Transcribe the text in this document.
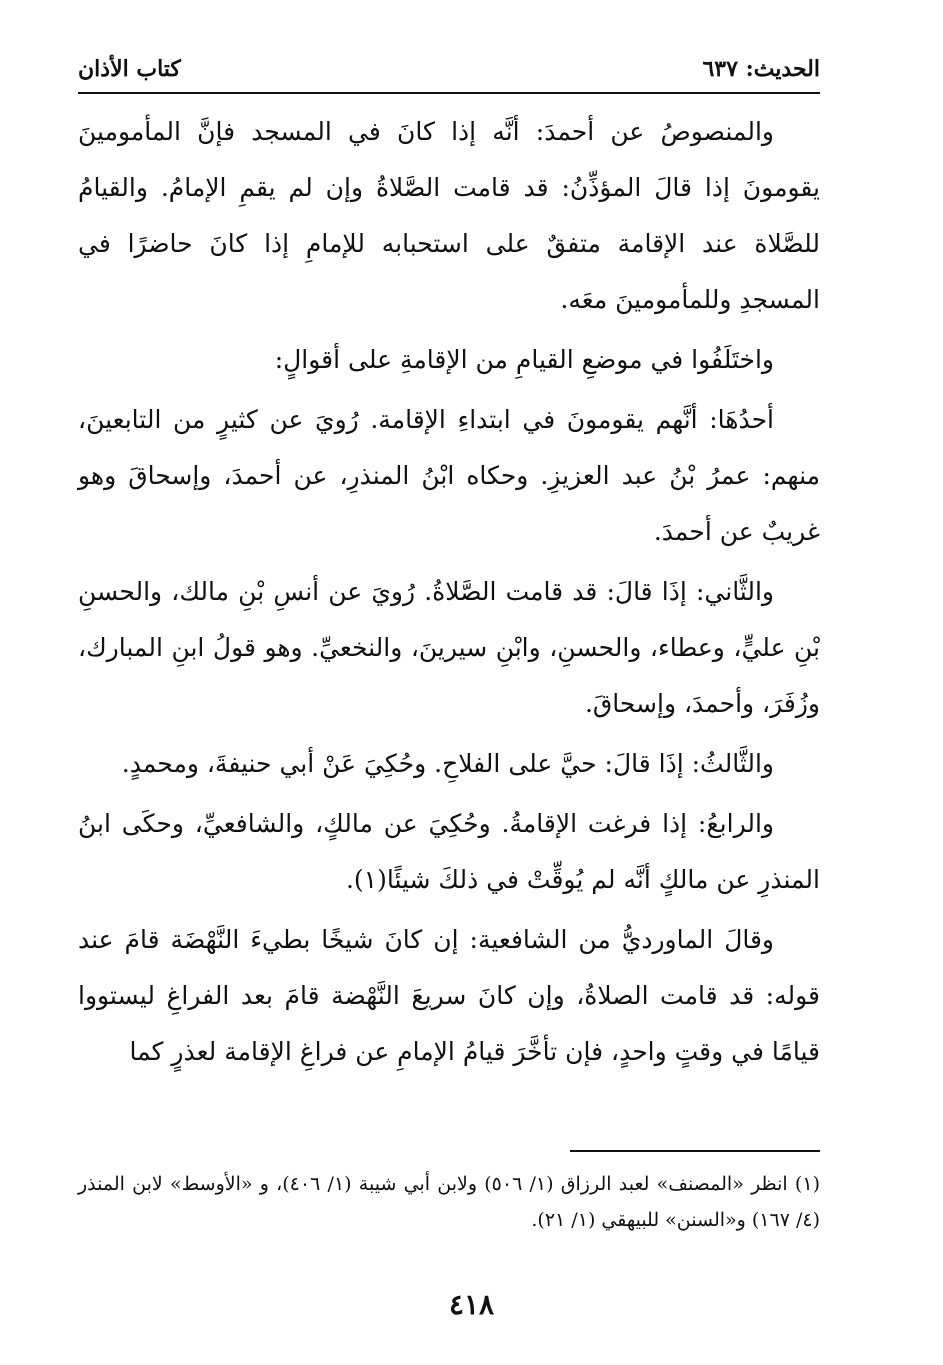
الحديث: ٦٣٧
كتاب الأذان

والمنصوصُ عن أحمدَ: أنَّه إذا كانَ في المسجد فإنَّ المأمومينَ يقومونَ إذا قالَ المؤذِّنُ: قد قامت الصَّلاةُ وإن لم يقمِ الإمامُ. والقيامُ للصَّلاة عند الإقامة متفقٌ على استحبابه للإمامِ إذا كانَ حاضرًا في المسجدِ وللمأمومينَ معَه.

واختَلَفُوا في موضعِ القيامِ من الإقامةِ على أقوالٍ:

أحدُهَا: أنَّهم يقومونَ في ابتداءِ الإقامة. رُويَ عن كثيرٍ من التابعينَ، منهم: عمرُ بْنُ عبد العزيزِ. وحكاه ابْنُ المنذرِ، عن أحمدَ، وإسحاقَ وهو غريبٌ عن أحمدَ.

والثَّاني: إذَا قالَ: قد قامت الصَّلاةُ. رُويَ عن أنسِ بْنِ مالك، والحسنِ بْنِ عليٍّ، وعطاء، والحسنِ، وابْنِ سيرينَ، والنخعيِّ. وهو قولُ ابنِ المبارك، وزُفَرَ، وأحمدَ، وإسحاقَ.

والثَّالثُ: إذَا قالَ: حيَّ على الفلاحِ. وحُكِيَ عَنْ أبي حنيفةَ، ومحمدٍ.

والرابعُ: إذا فرغت الإقامةُ. وحُكِيَ عن مالكٍ، والشافعيِّ، وحكَى ابنُ المنذرِ عن مالكٍ أنَّه لم يُوقِّتْ في ذلكَ شيئًا(١).

وقالَ الماورديُّ من الشافعية: إن كانَ شيخًا بطيءَ النَّهْضَة قامَ عند قوله: قد قامت الصلاةُ، وإن كانَ سريعَ النَّهْضة قامَ بعد الفراغِ ليستووا قيامًا في وقتٍ واحدٍ، فإن تأخَّرَ قيامُ الإمامِ عن فراغِ الإقامة لعذرٍ كما

(١) انظر «المصنف» لعبد الرزاق (١/ ٥٠٦) ولابن أبي شيبة (١/ ٤٠٦)، و «الأوسط» لابن المنذر (٤/ ١٦٧) و«السنن» للبيهقي (١/ ٢١).

٤١٨
